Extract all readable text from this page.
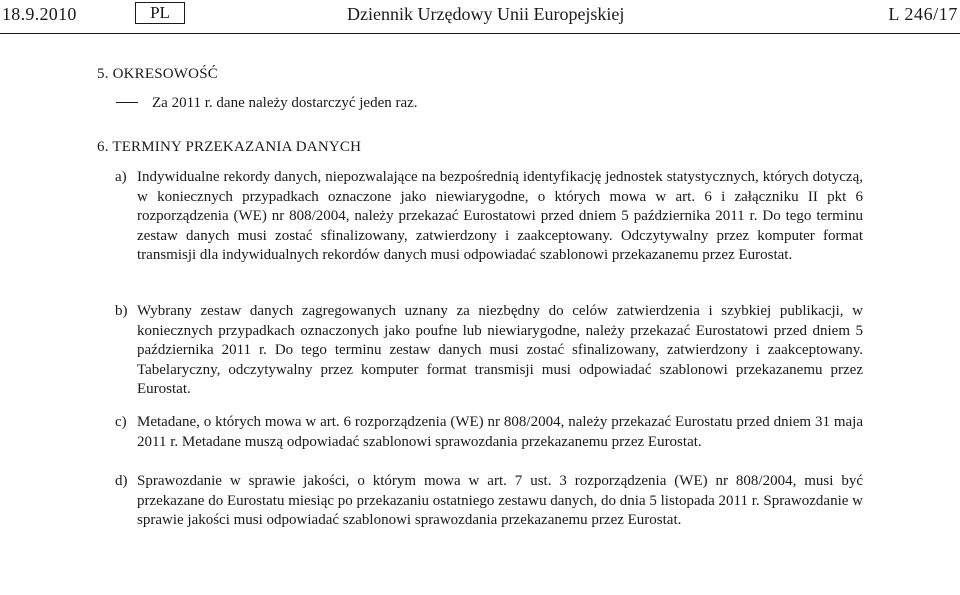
18.9.2010	PL	Dziennik Urzędowy Unii Europejskiej	L 246/17
5. OKRESOWOŚĆ
Za 2011 r. dane należy dostarczyć jeden raz.
6. TERMINY PRZEKAZANIA DANYCH
a) Indywidualne rekordy danych, niepozwalające na bezpośrednią identyfikację jednostek statystycznych, których dotyczą, w koniecznych przypadkach oznaczone jako niewiarygodne, o których mowa w art. 6 i załączniku II pkt 6 rozporządzenia (WE) nr 808/2004, należy przekazać Eurostatowi przed dniem 5 października 2011 r. Do tego terminu zestaw danych musi zostać sfinalizowany, zatwierdzony i zaakceptowany. Odczytywalny przez komputer format transmisji dla indywidualnych rekordów danych musi odpowiadać szablonowi przekazanemu przez Eurostat.
b) Wybrany zestaw danych zagregowanych uznany za niezbędny do celów zatwierdzenia i szybkiej publikacji, w koniecznych przypadkach oznaczonych jako poufne lub niewiarygodne, należy przekazać Eurostatowi przed dniem 5 października 2011 r. Do tego terminu zestaw danych musi zostać sfinalizowany, zatwierdzony i zaakceptowany. Tabelaryczny, odczytywalny przez komputer format transmisji musi odpowiadać szablonowi przekazanemu przez Eurostat.
c) Metadane, o których mowa w art. 6 rozporządzenia (WE) nr 808/2004, należy przekazać Eurostatu przed dniem 31 maja 2011 r. Metadane muszą odpowiadać szablonowi sprawozdania przekazanemu przez Eurostat.
d) Sprawozdanie w sprawie jakości, o którym mowa w art. 7 ust. 3 rozporządzenia (WE) nr 808/2004, musi być przekazane do Eurostatu miesiąc po przekazaniu ostatniego zestawu danych, do dnia 5 listopada 2011 r. Sprawozdanie w sprawie jakości musi odpowiadać szablonowi sprawozdania przekazanemu przez Eurostat.
